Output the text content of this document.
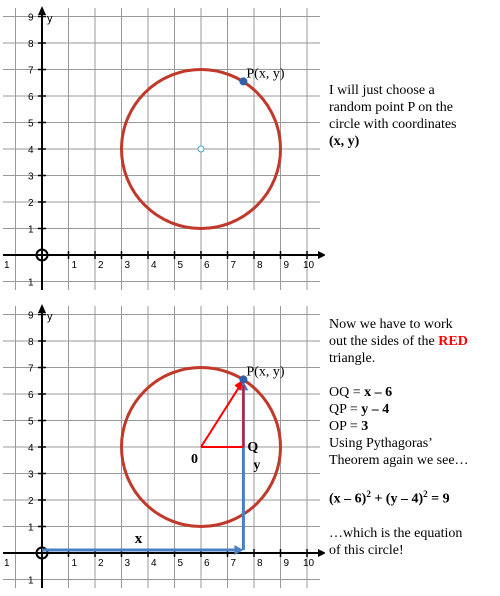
y
1 2 3 4 5 6 7 8 9 10
1
2
3
4
5
6
7
8
9
1
1
P(x, y)

I will just choose a

random point P on the

circle with coordinates

(x, y)

y
1 2 3 4 5 6 7 8 9 10
1
2
3
4
5
6
7
8
9
1
1
P(x, y)
0
Q
y
x

Now we have to work

out the sides of the RED

triangle.

OQ = x – 6

QP = y – 4

OP = 3

Using Pythagoras’

Theorem again we see…

(x – 6)$^2$ + (y – 4)$^2$ = 9

…which is the equation

of this circle!
